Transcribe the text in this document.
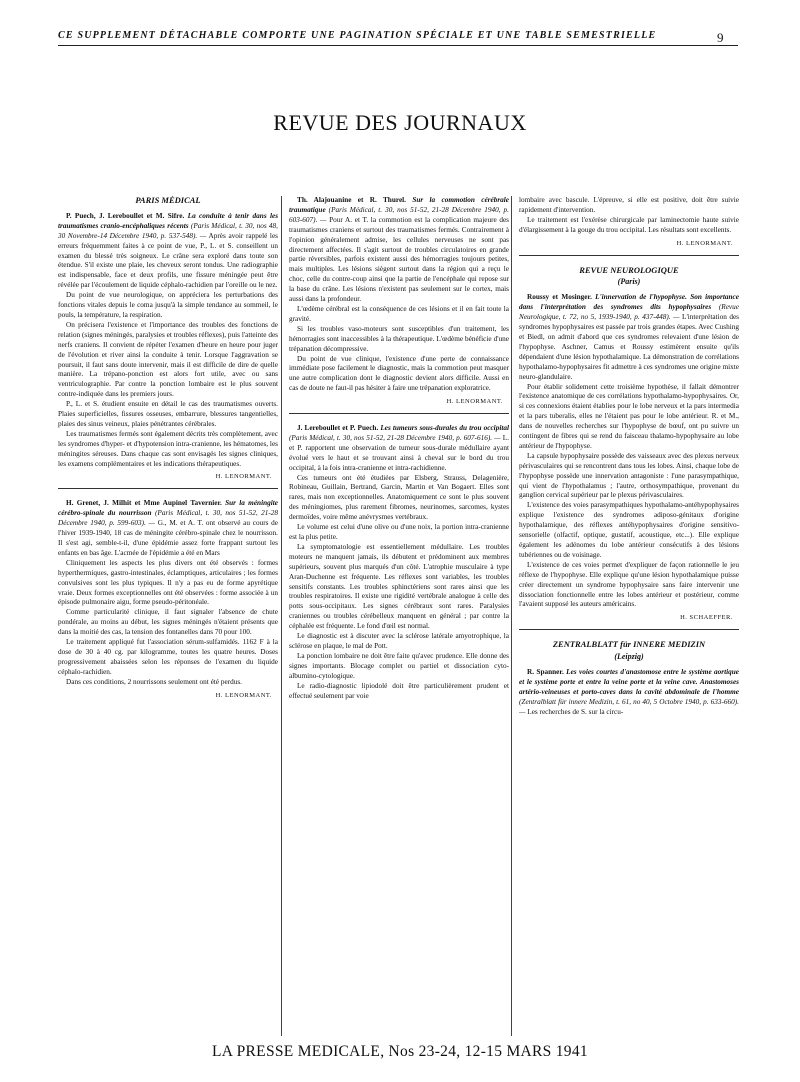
CE SUPPLEMENT DÉTACHABLE COMPORTE UNE PAGINATION SPÉCIALE ET UNE TABLE SEMESTRIELLE	9
REVUE DES JOURNAUX
PARIS MÉDICAL

P. Puech, J. Lereboullet et M. Sifre. La conduite à tenir dans les traumatismes cranio-encéphaliques récents (Paris Médical, t. 30, nos 48, 30 Novembre-14 Décembre 1940, p. 537-548). — Après avoir rappelé les erreurs fréquemment faites à ce point de vue, P., L. et S. conseillent un examen du blessé très soigneux. Le crâne sera exploré dans toute son étendue. S'il existe une plaie, les cheveux seront tondus. Une radiographie est indispensable, face et deux profils, une fissure méningée peut être révélée par l'écoulement de liquide céphalo-rachidien par l'oreille ou le nez.

Du point de vue neurologique, on appréciera les perturbations des fonctions vitales depuis le coma jusqu'à la simple tendance au sommeil, le pouls, la température, la respiration.

On précisera l'existence et l'importance des troubles des fonctions de relation (signes méningés, paralysies et troubles réflexes), puis l'atteinte des nerfs craniens. Il convient de répéter l'examen d'heure en heure pour juger de l'évolution et river ainsi la conduite à tenir. Lorsque l'aggravation se poursuit, il faut sans doute intervenir, mais il est difficile de dire de quelle manière. La trépano-ponction est alors fort utile, avec ou sans ventriculographie. Par contre la ponction lombaire est le plus souvent contre-indiquée dans les premiers jours.

P., L. et S. étudient ensuite en détail le cas des traumatismes ouverts. Plaies superficielles, fissures osseuses, embarrure, blessures tangentielles, plaies des sinus veineux, plaies pénétrantes cérébrales.

Les traumatismes fermés sont également décrits très complètement, avec les syndromes d'hyper- et d'hypotension intra-cranienne, les hématomes, les méningites séreuses. Dans chaque cas sont envisagés les signes cliniques, les examens complémentaires et les indications thérapeutiques.

H. LENORMANT.

H. Grenet, J. Milhit et Mme Aupinel Tavernier. Sur la méningite cérébro-spinale du nourrisson (Paris Médical, t. 30, nos 51-52, 21-28 Décembre 1940, p. 599-603). — G., M. et A. T. ont observé au cours de l'hiver 1939-1940, 18 cas de méningite cérébro-spinale chez le nourrisson. Il s'est agi, semble-t-il, d'une épidémie assez forte frappant surtout les enfants en bas âge. L'acmée de l'épidémie a été en Mars

Cliniquement les aspects les plus divers ont été observés : formes hyperthermiques, gastro-intestinales, éclamptiques, articulaires ; les formes convulsives sont les plus typiques. Il n'y a pas eu de forme apyrétique vraie. Deux formes exceptionnelles ont été observées : forme associée à un épisode pulmonaire aigu, forme pseudo-péritonéale.

Comme particularité clinique, il faut signaler l'absence de chute pondérale, au moins au début, les signes méningés n'étaient présents que dans la moitié des cas, la tension des fontanelles dans 70 pour 100.

Le traitement appliqué fut l'association sérum-sulfamidés. 1162 F à la dose de 30 à 40 cg. par kilogramme, toutes les quatre heures. Doses progressivement abaissées selon les réponses de l'examen du liquide céphalo-rachidien.

Dans ces conditions, 2 nourrissons seulement ont été perdus.

H. LENORMANT.

Th. Alajouanine et R. Thurel. Sur la commotion cérébrale traumatique (Paris Médical, t. 30, nos 51-52, 21-28 Décembre 1940, p. 603-607). — Pour A. et T. la commotion est la complication majeure des traumatismes craniens et surtout des traumatismes fermés. Contrairement à l'opinion généralement admise, les cellules nerveuses ne sont pas directement affectées. Il s'agit surtout de troubles circulatoires en grande partie réversibles, parfois existent aussi des hémorragies toujours petites, mais multiples. Les lésions siègent surtout dans la région qui a reçu le choc, celle du contre-coup ainsi que la partie de l'encéphale qui repose sur la base du crâne. Les lésions n'existent pas seulement sur le cortex, mais aussi dans la profondeur.

L'œdème cérébral est la conséquence de ces lésions et il en fait toute la gravité.

Si les troubles vaso-moteurs sont susceptibles d'un traitement, les hémorragies sont inaccessibles à la thérapeutique. L'œdème bénéficie d'une trépanation décompressive.

Du point de vue clinique, l'existence d'une perte de connaissance immédiate pose facilement le diagnostic, mais la commotion peut masquer une autre complication dont le diagnostic devient alors difficile. Aussi en cas de doute ne faut-il pas hésiter à faire une trépanation exploratrice.

H. LENORMANT.

J. Lereboullet et P. Puech. Les tumeurs sous-durales du trou occipital (Paris Médical, t. 30, nos 51-52, 21-28 Décembre 1940, p. 607-616). — L. et P. rapportent une observation de tumeur sous-durale médullaire ayant évolué vers le haut et se trouvant ainsi à cheval sur le bord du trou occipital, à la fois intra-cranienne et intra-rachidienne.

Ces tumeurs ont été étudiées par Elsberg, Strauss, Delagenière, Robineau, Guillain, Bertrand, Garcin, Martin et Van Bogaert. Elles sont rares, mais non exceptionnelles. Anatomiquement ce sont le plus souvent des méningiomes, plus rarement fibromes, neurinomes, sarcomes, kystes dermoïdes, voire même anévrysmes vertébraux.

Le volume est celui d'une olive ou d'une noix, la portion intra-cranienne est la plus petite.

La symptomatologie est essentiellement médullaire. Les troubles moteurs ne manquent jamais, ils débutent et prédominent aux membres supérieurs, souvent plus marqués d'un côté. L'atrophie musculaire à type Aran-Duchenne est fréquente. Les réflexes sont variables, les troubles sensitifs constants. Les troubles sphinctériens sont rares ainsi que les troubles respiratoires. Il existe une rigidité vertébrale analogue à celle des potts sous-occipitaux. Les signes cérébraux sont rares. Paralysies craniennes ou troubles cérébelleux manquent en général ; par contre la céphalée est fréquente. Le fond d'œil est normal.

Le diagnostic est à discuter avec la sclérose latérale amyotrophique, la sclérose en plaque, le mal de Pott.

La ponction lombaire ne doit être faite qu'avec prudence. Elle donne des signes importants. Blocage complet ou partiel et dissociation cyto-albumino-cytologique.

Le radio-diagnostic lipiodolé doit être particulièrement prudent et effectué seulement par voie

lombaire avec bascule. L'épreuve, si elle est positive, doit être suivie rapidement d'intervention.

Le traitement est l'exérèse chirurgicale par laminectomie haute suivie d'élargissement à la gouge du trou occipital. Les résultats sont excellents.

H. LENORMANT.
REVUE NEUROLOGIQUE
(Paris)

Roussy et Mosinger. L'innervation de l'hypophyse. Son importance dans l'interprétation des syndromes dits hypophysaires (Revue Neurologique, t. 72, no 5, 1939-1940, p. 437-448). — L'interprétation des syndromes hypophysaires est passée par trois grandes étapes. Avec Cushing et Biedl, on admit d'abord que ces syndromes relevaient d'une lésion de l'hypophyse. Aschner, Camus et Roussy estimèrent ensuite qu'ils dépendaient d'une lésion hypothalamique. La démonstration de corrélations hypothalamo-hypophysaires fit admettre à ces syndromes une origine mixte neuro-glandulaire.

Pour établir solidement cette troisième hypothèse, il fallait démontrer l'existence anatomique de ces corrélations hypothalamo-hypophysaires. Or, si ces connexions étaient établies pour le lobe nerveux et la pars intermedia et la pars tuberalis, elles ne l'étaient pas pour le lobe antérieur. R. et M., dans de nouvelles recherches sur l'hypophyse de bœuf, ont pu suivre un contingent de fibres qui se rend du faisceau thalamo-hypophysaire au lobe antérieur de l'hypophyse.

La capsule hypophysaire possède des vaisseaux avec des plexus nerveux périvasculaires qui se rencontrent dans tous les lobes. Ainsi, chaque lobe de l'hypophyse possède une innervation antagoniste : l'une parasympathique, qui vient de l'hypothalamus ; l'autre, orthosympathique, provenant du ganglion cervical supérieur par le plexus périvasculaires.

L'existence des voies parasympathiques hypothalamo-antéhypophysaires explique l'existence des syndromes adiposo-génitaux d'origine hypothalamique, des réflexes antéhypophysaires d'origine sensitivo-sensorielle (olfactif, optique, gustatif, acoustique, etc...). Elle explique également les adénomes du lobe antérieur consécutifs à des lésions tubériennes ou de voisinage.

L'existence de ces voies permet d'expliquer de façon rationnelle le jeu réflexe de l'hypophyse. Elle explique qu'une lésion hypothalamique puisse créer directement un syndrome hypophysaire sans faire intervenir une dissociation fonctionnelle entre les lobes antérieur et postérieur, comme l'avaient supposé les auteurs américains.

H. SCHAEFFER.
ZENTRALBLATT für INNERE MEDIZIN
(Leipzig)

R. Spanner. Les voies courtes d'anastomose entre le système aortique et le système porte et entre la veine porte et la veine cave. Anastomoses artério-veineuses et porto-caves dans la cavité abdominale de l'homme (Zentralblatt für innere Medizin, t. 61, no 40, 5 Octobre 1940, p. 633-660). — Les recherches de S. sur la circu-

LA PRESSE MEDICALE, Nos 23-24, 12-15 MARS 1941
